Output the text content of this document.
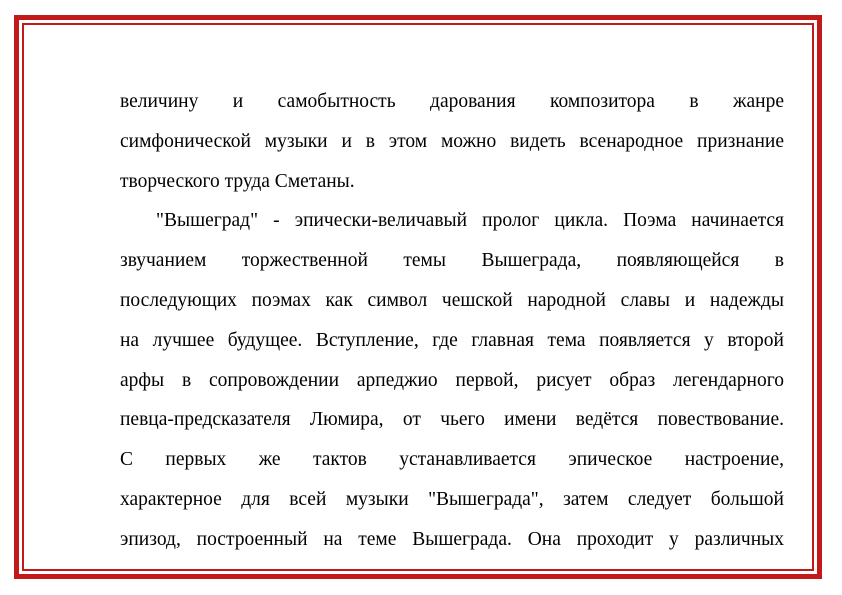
величину и самобытность дарования композитора в жанре
симфонической музыки и в этом можно видеть всенародное признание
творческого труда Сметаны.

"Вышеград" - эпически-величавый пролог цикла. Поэма начинается
звучанием торжественной темы Вышеграда, появляющейся в
последующих поэмах как символ чешской народной славы и надежды
на лучшее будущее. Вступление, где главная тема появляется у второй
арфы в сопровождении арпеджио первой, рисует образ легендарного
певца-предсказателя Люмира, от чьего имени ведётся повествование.
С первых же тактов устанавливается эпическое настроение,
характерное для всей музыки "Вышеграда", затем следует большой
эпизод, построенный на теме Вышеграда. Она проходит у различных
